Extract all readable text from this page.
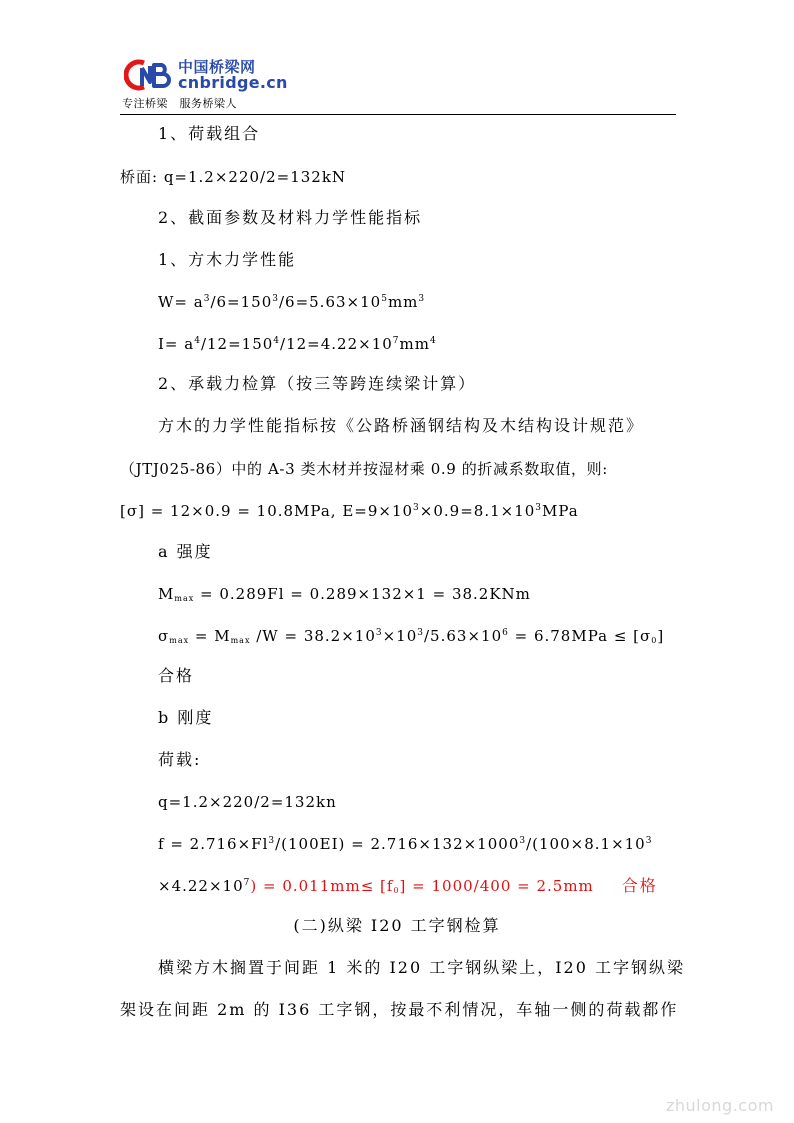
中国桥梁网
cnbridge.cn
专注桥梁　服务桥梁人
1、荷载组合
桥面: q=1.2×220/2=132kN
2、截面参数及材料力学性能指标
1、方木力学性能
$W= a^3/6=150^3/6=5.63\times 10^5mm^3$
$I= a^4/12=150^4/12=4.22\times 10^7mm^4$
2、承载力检算（按三等跨连续梁计算）
方木的力学性能指标按《公路桥涵钢结构及木结构设计规范》
（JTJ025-86）中的 A-3 类木材并按湿材乘 0.9 的折减系数取值，则:
[σ] = 12×0.9 = 10.8MPa, $E=9\times 10^3\times 0.9=8.1\times 10^3MPa$
a 强度
$M_{max} = 0.289Fl = 0.289\times 132\times 1 = 38.2KNm$
$\sigma_{max} = M_{max}$ $/W = 38.2\times 10^3\times 10^3/5.63\times 10^6 = 6.78MPa \le [\sigma_0]$
合格
b 刚度
荷载:
q=1.2×220/2=132kn
$f = 2.716\times Fl^3/(100EI) = 2.716\times 132\times 1000^3/(100\times 8.1\times 10^3$
$\times 4.22\times 10^7) = 0.011mm\le [f_0] = 1000/400 = 2.5mm$ 合格
(二)纵梁 I20 工字钢检算
横梁方木搁置于间距 1 米的 I20 工字钢纵梁上，I20 工字钢纵梁
架设在间距 2m 的 I36 工字钢，按最不利情况，车轴一侧的荷载都作
zhulong.com
